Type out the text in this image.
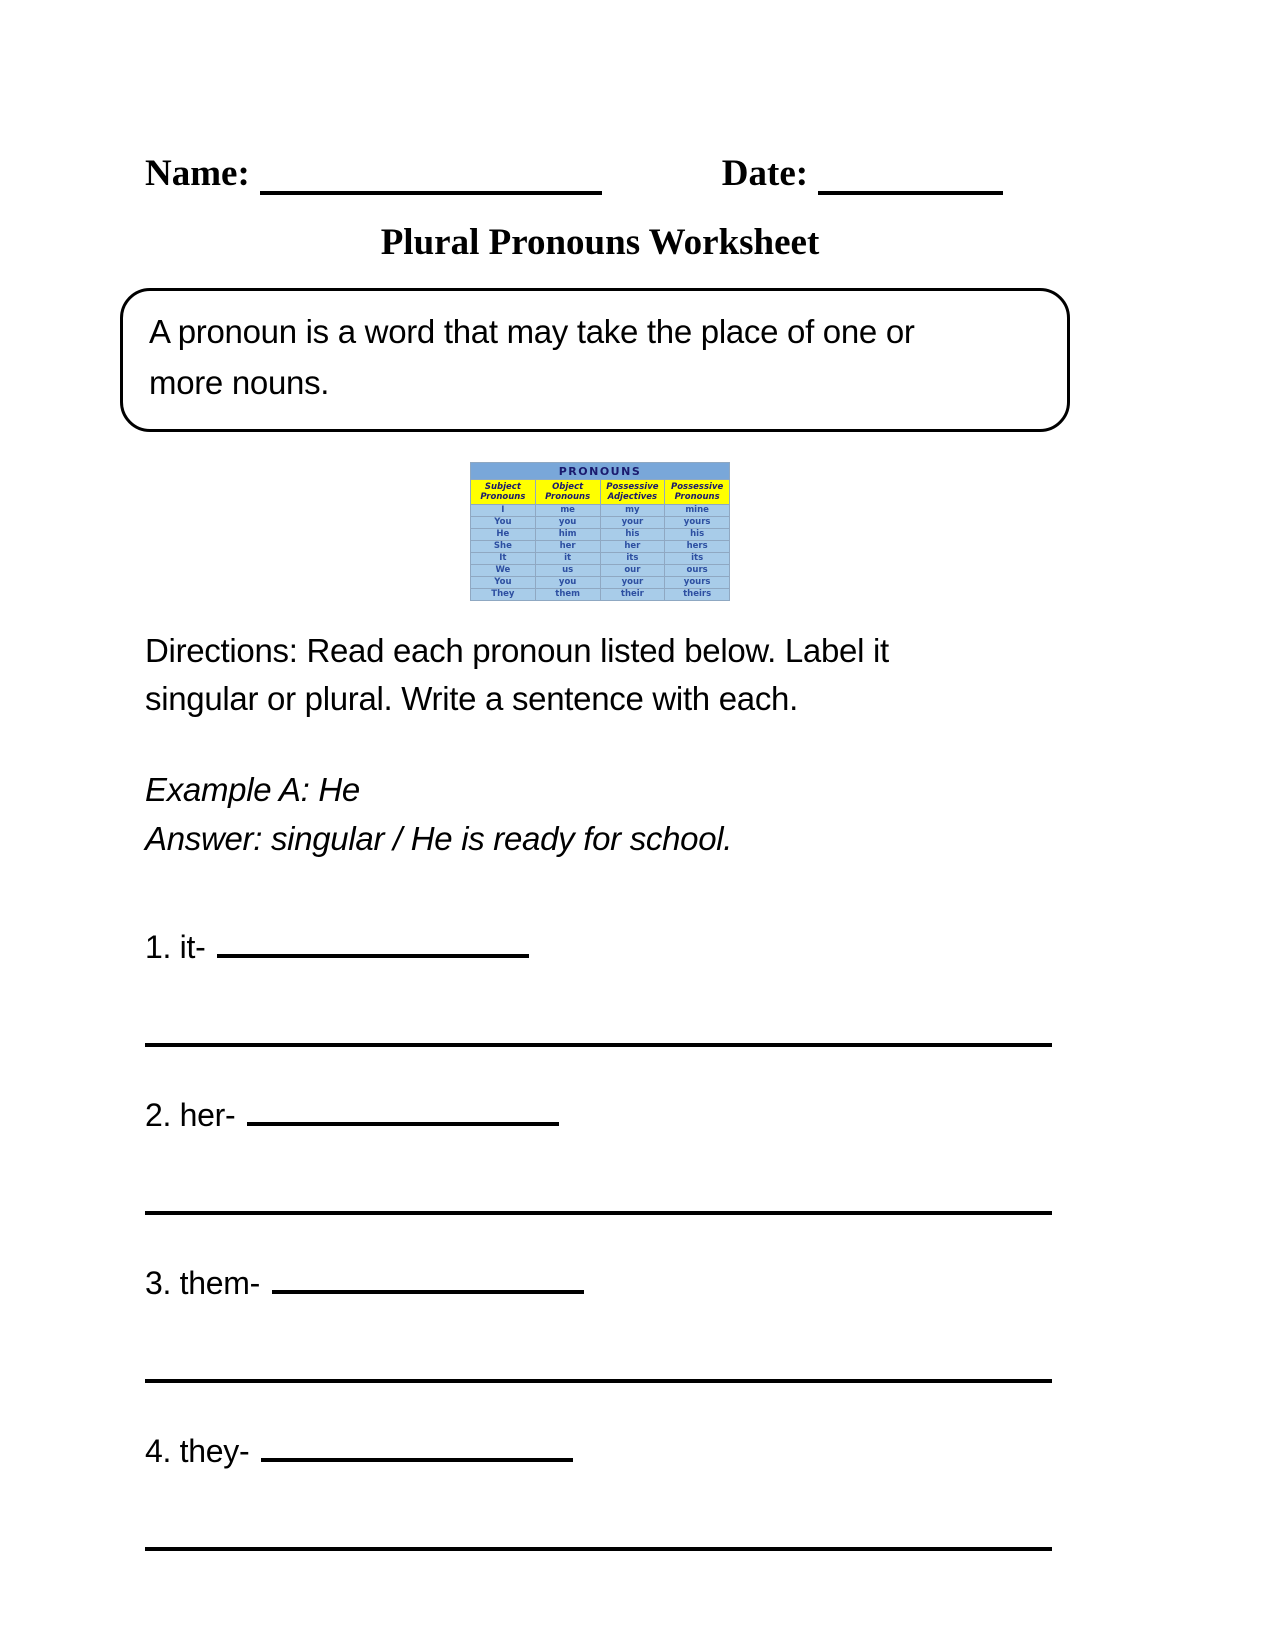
Name:	Date:
Plural Pronouns Worksheet

A pronoun is a word that may take the place of one or more nouns.

PRONOUNS			
Subject Pronouns	Object Pronouns	Possessive Adjectives	Possessive Pronouns
I	me	my	mine
You	you	your	yours
He	him	his	his
She	her	her	hers
It	it	its	its
We	us	our	ours
You	you	your	yours
They	them	their	theirs

Directions: Read each pronoun listed below. Label it singular or plural. Write a sentence with each.

Example A: He

Answer: singular / He is ready for school.

1. it-
2. her-
3. them-
4. they-
